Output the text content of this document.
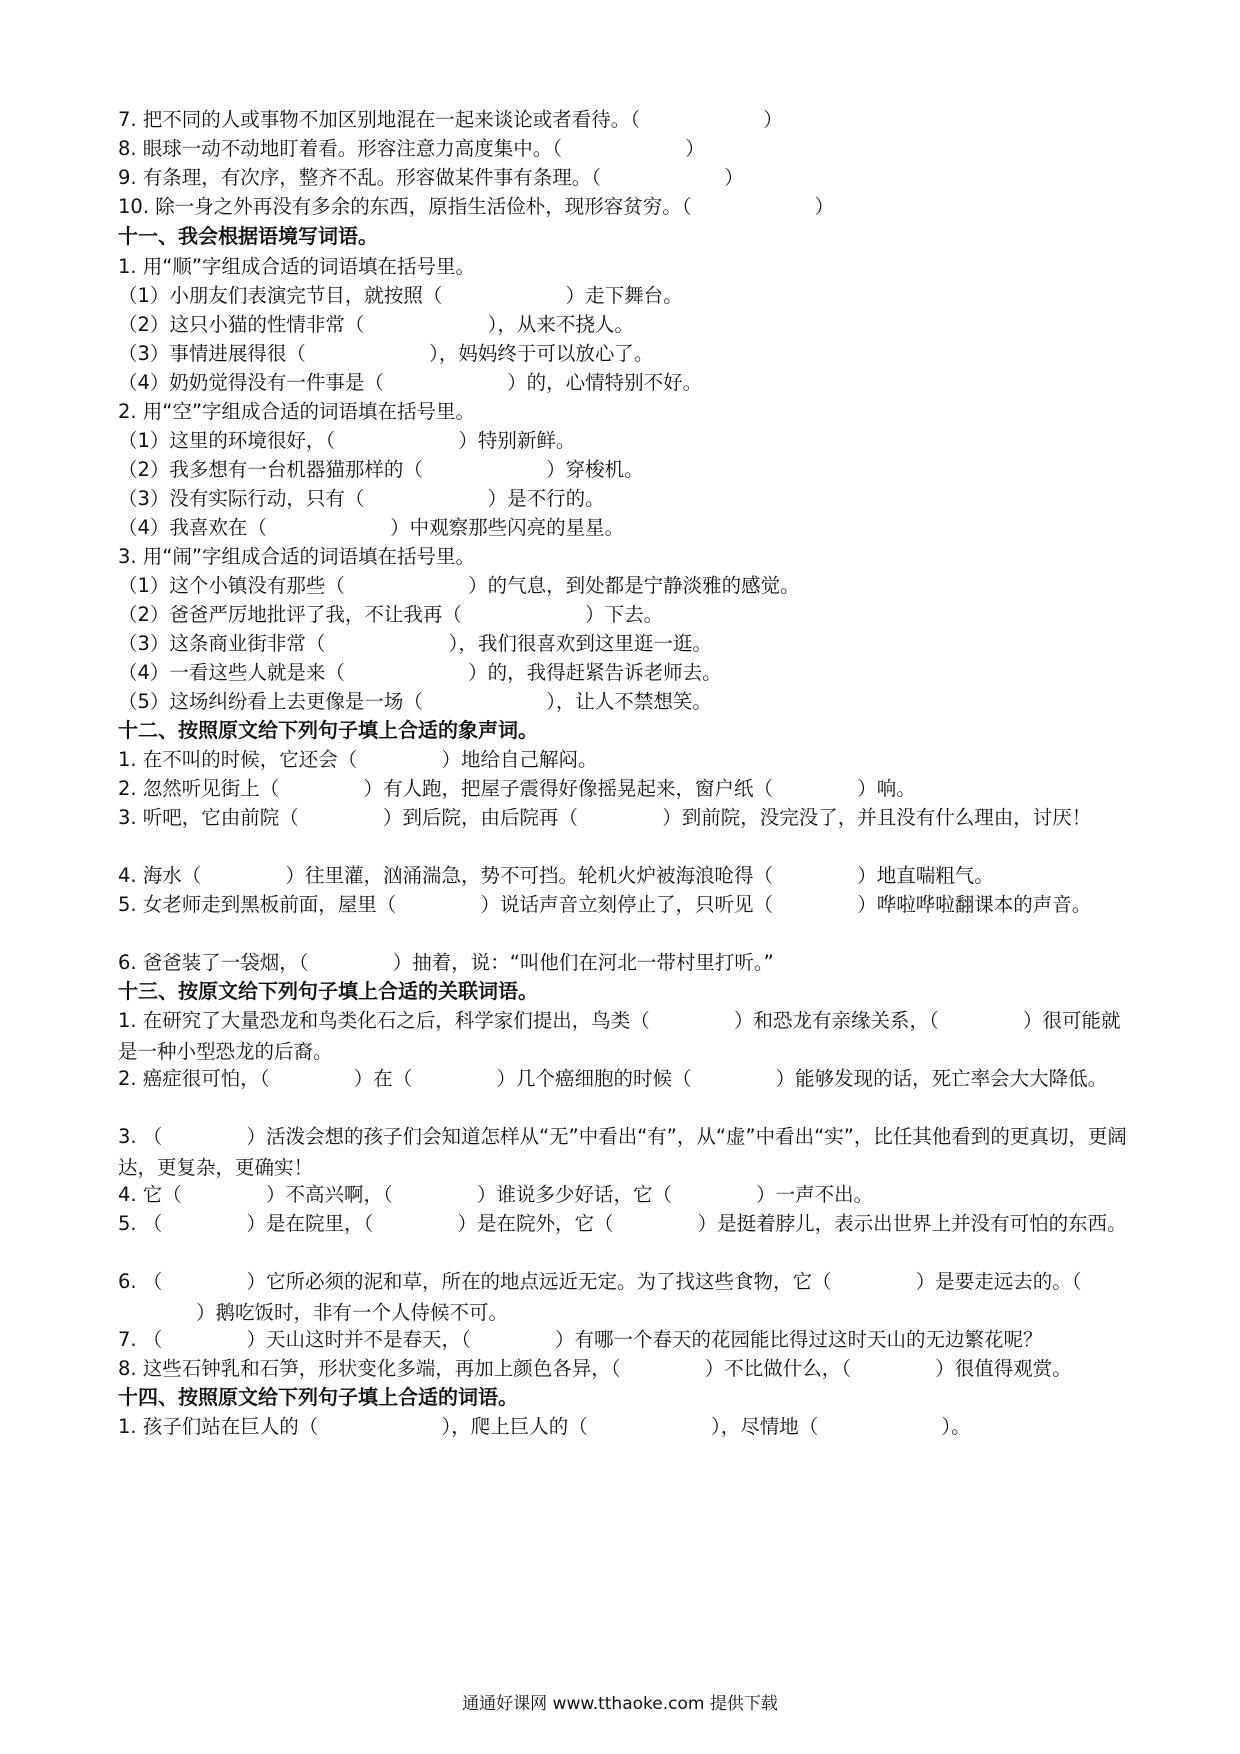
7. 把不同的人或事物不加区别地混在一起来谈论或者看待。（ 　　　　　　）
8. 眼球一动不动地盯着看。形容注意力高度集中。（ 　　　　　　）
9. 有条理，有次序，整齐不乱。形容做某件事有条理。（ 　　　　　　）
10. 除一身之外再没有多余的东西，原指生活俭朴，现形容贫穷。（ 　　　　　　）
十一、我会根据语境写词语。
1. 用“顺”字组成合适的词语填在括号里。
（1）小朋友们表演完节目，就按照（ 　　　　　　）走下舞台。
（2）这只小猫的性情非常（ 　　　　　　），从来不挠人。
（3）事情进展得很（ 　　　　　　），妈妈终于可以放心了。
（4）奶奶觉得没有一件事是（ 　　　　　　）的，心情特别不好。
2. 用“空”字组成合适的词语填在括号里。
（1）这里的环境很好，（ 　　　　　　）特别新鲜。
（2）我多想有一台机器猫那样的（ 　　　　　　）穿梭机。
（3）没有实际行动，只有（ 　　　　　　）是不行的。
（4）我喜欢在（ 　　　　　　）中观察那些闪亮的星星。
3. 用“闹”字组成合适的词语填在括号里。
（1）这个小镇没有那些（ 　　　　　　）的气息，到处都是宁静淡雅的感觉。
（2）爸爸严厉地批评了我，不让我再（ 　　　　　　）下去。
（3）这条商业街非常（ 　　　　　　），我们很喜欢到这里逛一逛。
（4）一看这些人就是来（ 　　　　　　）的，我得赶紧告诉老师去。
（5）这场纠纷看上去更像是一场（ 　　　　　　），让人不禁想笑。
十二、按照原文给下列句子填上合适的象声词。
1. 在不叫的时候，它还会（ 　　　　）地给自己解闷。
2. 忽然听见街上（ 　　　　）有人跑，把屋子震得好像摇晃起来，窗户纸（ 　　　　）响。
3. 听吧，它由前院（ 　　　　）到后院，由后院再（ 　　　　）到前院，没完没了，并且没有什么理由，讨厌！
4. 海水（ 　　　　）往里灌，汹涌湍急，势不可挡。轮机火炉被海浪呛得（ 　　　　）地直喘粗气。
5. 女老师走到黑板前面，屋里（ 　　　　）说话声音立刻停止了，只听见（ 　　　　）哗啦哗啦翻课本的声音。
6. 爸爸装了一袋烟，（ 　　　　）抽着，说：“叫他们在河北一带村里打听。”
十三、按原文给下列句子填上合适的关联词语。
1. 在研究了大量恐龙和鸟类化石之后，科学家们提出，鸟类（ 　　　　）和恐龙有亲缘关系，（ 　　　　）很可能就是一种小型恐龙的后裔。
2. 癌症很可怕，（ 　　　　）在（ 　　　　）几个癌细胞的时候（ 　　　　）能够发现的话，死亡率会大大降低。
3. （ 　　　　）活泼会想的孩子们会知道怎样从“无”中看出“有”，从“虚”中看出“实”，比任其他看到的更真切，更阔达，更复杂，更确实！
4. 它（ 　　　　）不高兴啊，（ 　　　　）谁说多少好话，它（ 　　　　）一声不出。
5. （ 　　　　）是在院里，（ 　　　　）是在院外，它（ 　　　　）是挺着脖儿，表示出世界上并没有可怕的东西。
6. （ 　　　　）它所必须的泥和草，所在的地点远近无定。为了找这些食物，它（ 　　　　）是要走远去的。（ 　　　　）鹅吃饭时，非有一个人侍候不可。
7. （ 　　　　）天山这时并不是春天，（ 　　　　）有哪一个春天的花园能比得过这时天山的无边繁花呢？
8. 这些石钟乳和石笋，形状变化多端，再加上颜色各异，（ 　　　　）不比做什么，（ 　　　　）很值得观赏。
十四、按照原文给下列句子填上合适的词语。
1. 孩子们站在巨人的（ 　　　　　　），爬上巨人的（ 　　　　　　），尽情地（ 　　　　　　）。
通通好课网 www.tthaoke.com 提供下载
